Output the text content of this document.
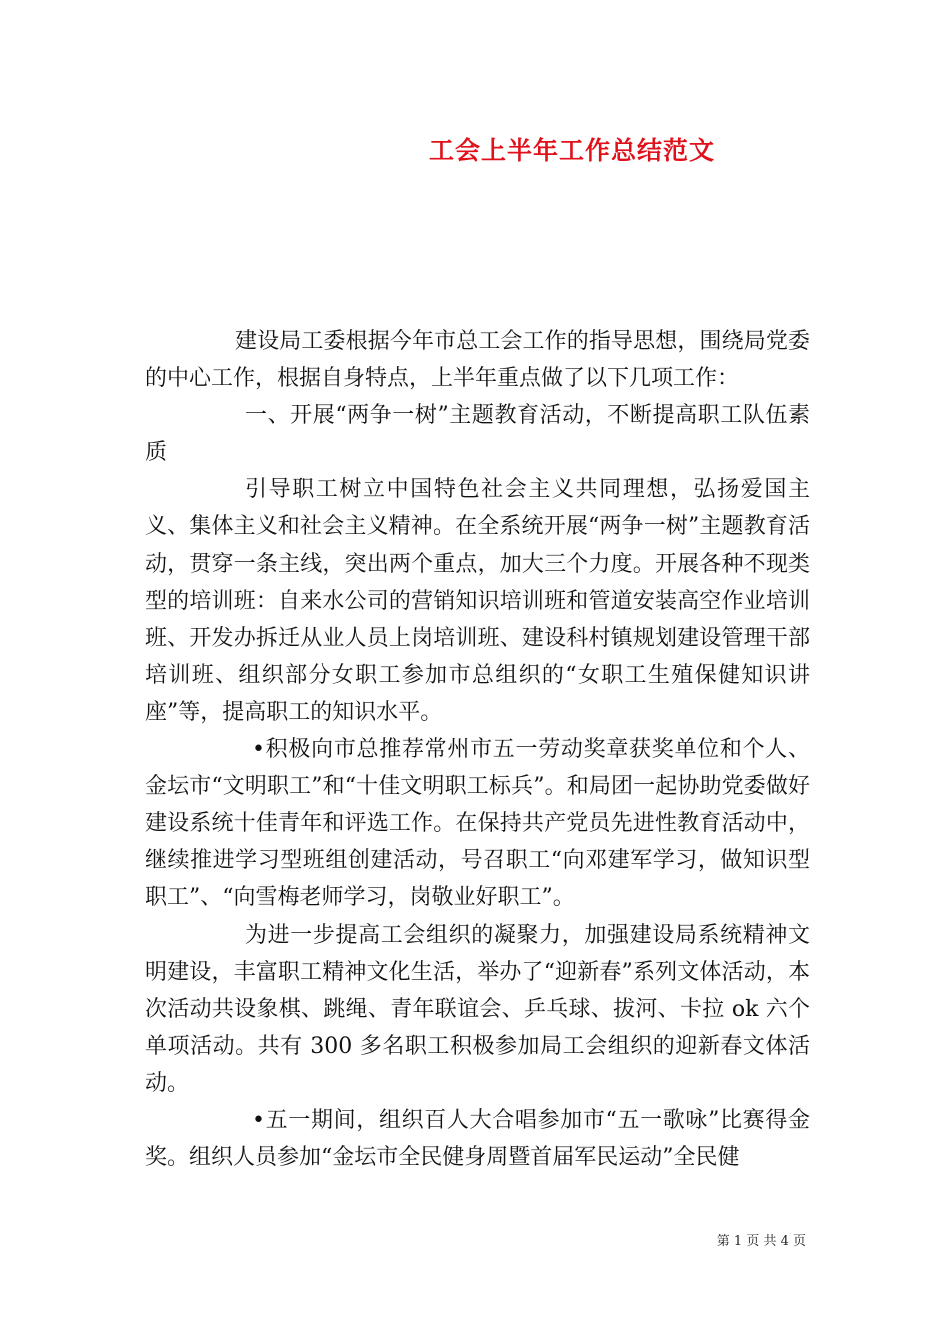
工会上半年工作总结范文

建设局工委根据今年市总工会工作的指导思想，围绕局党委的中心工作，根据自身特点，上半年重点做了以下几项工作：

一、开展“两争一树”主题教育活动，不断提高职工队伍素质

引导职工树立中国特色社会主义共同理想，弘扬爱国主义、集体主义和社会主义精神。在全系统开展“两争一树”主题教育活动，贯穿一条主线，突出两个重点，加大三个力度。开展各种不现类型的培训班：自来水公司的营销知识培训班和管道安装高空作业培训班、开发办拆迁从业人员上岗培训班、建设科村镇规划建设管理干部培训班、组织部分女职工参加市总组织的“女职工生殖保健知识讲座”等，提高职工的知识水平。

•积极向市总推荐常州市五一劳动奖章获奖单位和个人、金坛市“文明职工”和“十佳文明职工标兵”。和局团一起协助党委做好建设系统十佳青年和评选工作。在保持共产党员先进性教育活动中，继续推进学习型班组创建活动，号召职工“向邓建军学习，做知识型职工”、“向雪梅老师学习，岗敬业好职工”。

为进一步提高工会组织的凝聚力，加强建设局系统精神文明建设，丰富职工精神文化生活，举办了“迎新春”系列文体活动，本次活动共设象棋、跳绳、青年联谊会、乒乓球、拔河、卡拉 ok 六个单项活动。共有 300 多名职工积极参加局工会组织的迎新春文体活动。

•五一期间，组织百人大合唱参加市“五一歌咏”比赛得金奖。组织人员参加“金坛市全民健身周暨首届军民运动”全民健

第 1 页 共 4 页
